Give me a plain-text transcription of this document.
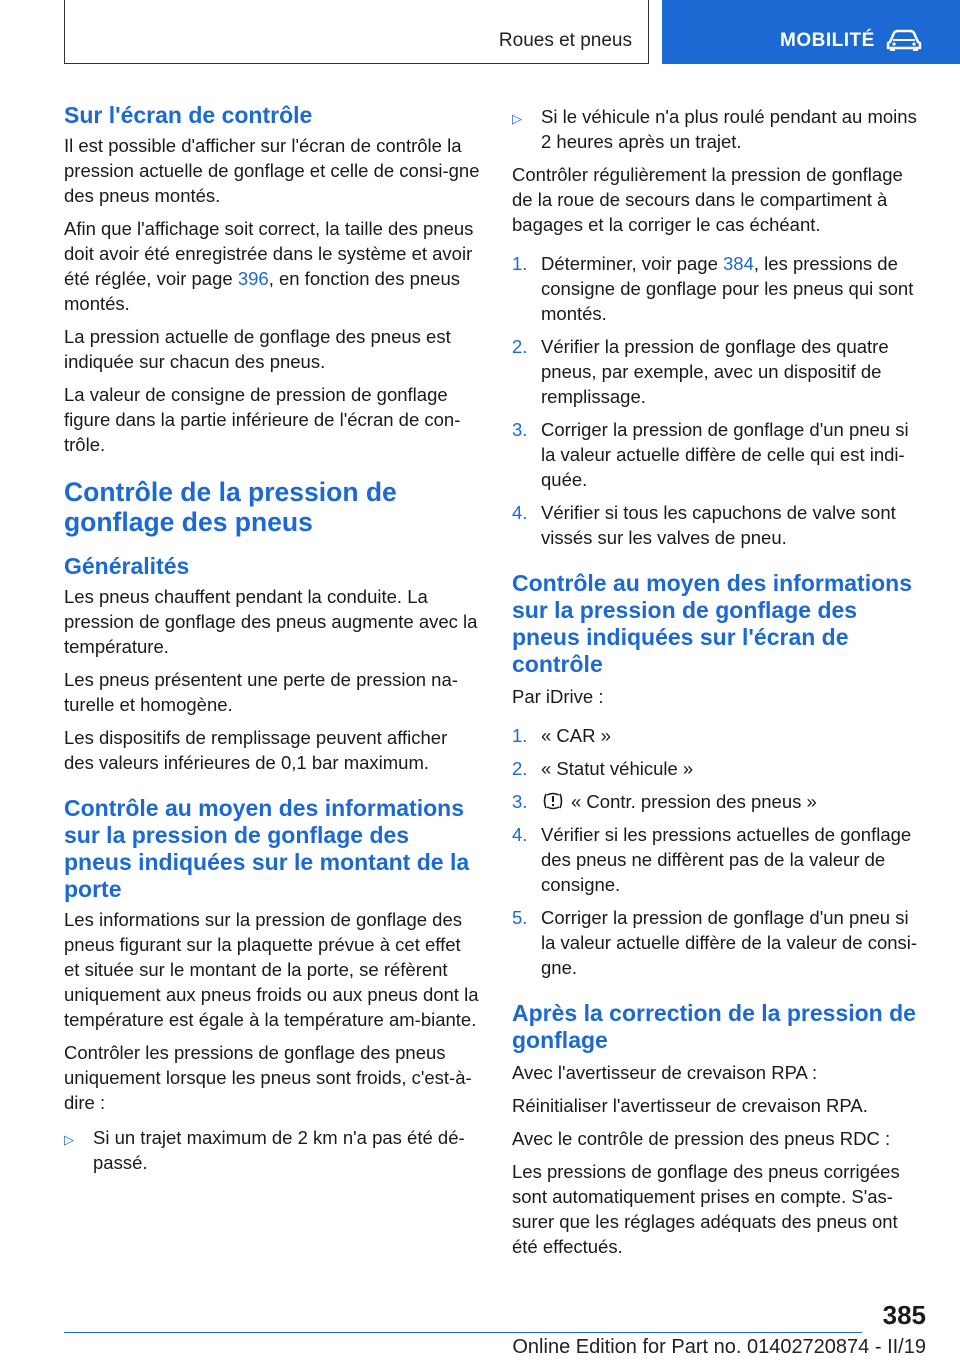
Roues et pneus	MOBILITÉ
Sur l'écran de contrôle
Il est possible d'afficher sur l'écran de contrôle la pression actuelle de gonflage et celle de consi-gne des pneus montés.
Afin que l'affichage soit correct, la taille des pneus doit avoir été enregistrée dans le système et avoir été réglée, voir page 396, en fonction des pneus montés.
La pression actuelle de gonflage des pneus est indiquée sur chacun des pneus.
La valeur de consigne de pression de gonflage figure dans la partie inférieure de l'écran de con-trôle.
Contrôle de la pression de gonflage des pneus
Généralités
Les pneus chauffent pendant la conduite. La pression de gonflage des pneus augmente avec la température.
Les pneus présentent une perte de pression na-turelle et homogène.
Les dispositifs de remplissage peuvent afficher des valeurs inférieures de 0,1 bar maximum.
Contrôle au moyen des informations sur la pression de gonflage des pneus indiquées sur le montant de la porte
Les informations sur la pression de gonflage des pneus figurant sur la plaquette prévue à cet effet et située sur le montant de la porte, se réfèrent uniquement aux pneus froids ou aux pneus dont la température est égale à la température am-biante.
Contrôler les pressions de gonflage des pneus uniquement lorsque les pneus sont froids, c'est-à-dire :
▷	Si un trajet maximum de 2 km n'a pas été dé-passé.
▷	Si le véhicule n'a plus roulé pendant au moins 2 heures après un trajet.
Contrôler régulièrement la pression de gonflage de la roue de secours dans le compartiment à bagages et la corriger le cas échéant.
1. Déterminer, voir page 384, les pressions de consigne de gonflage pour les pneus qui sont montés.
2. Vérifier la pression de gonflage des quatre pneus, par exemple, avec un dispositif de remplissage.
3. Corriger la pression de gonflage d'un pneu si la valeur actuelle diffère de celle qui est indi-quée.
4. Vérifier si tous les capuchons de valve sont vissés sur les valves de pneu.
Contrôle au moyen des informations sur la pression de gonflage des pneus indiquées sur l'écran de contrôle
Par iDrive :
1. « CAR »
2. « Statut véhicule »
3.	« Contr. pression des pneus »
4. Vérifier si les pressions actuelles de gonflage des pneus ne diffèrent pas de la valeur de consigne.
5. Corriger la pression de gonflage d'un pneu si la valeur actuelle diffère de la valeur de consi-gne.
Après la correction de la pression de gonflage
Avec l'avertisseur de crevaison RPA :
Réinitialiser l'avertisseur de crevaison RPA.
Avec le contrôle de pression des pneus RDC :
Les pressions de gonflage des pneus corrigées sont automatiquement prises en compte. S'as-surer que les réglages adéquats des pneus ont été effectués.
385
Online Edition for Part no. 01402720874 - II/19
